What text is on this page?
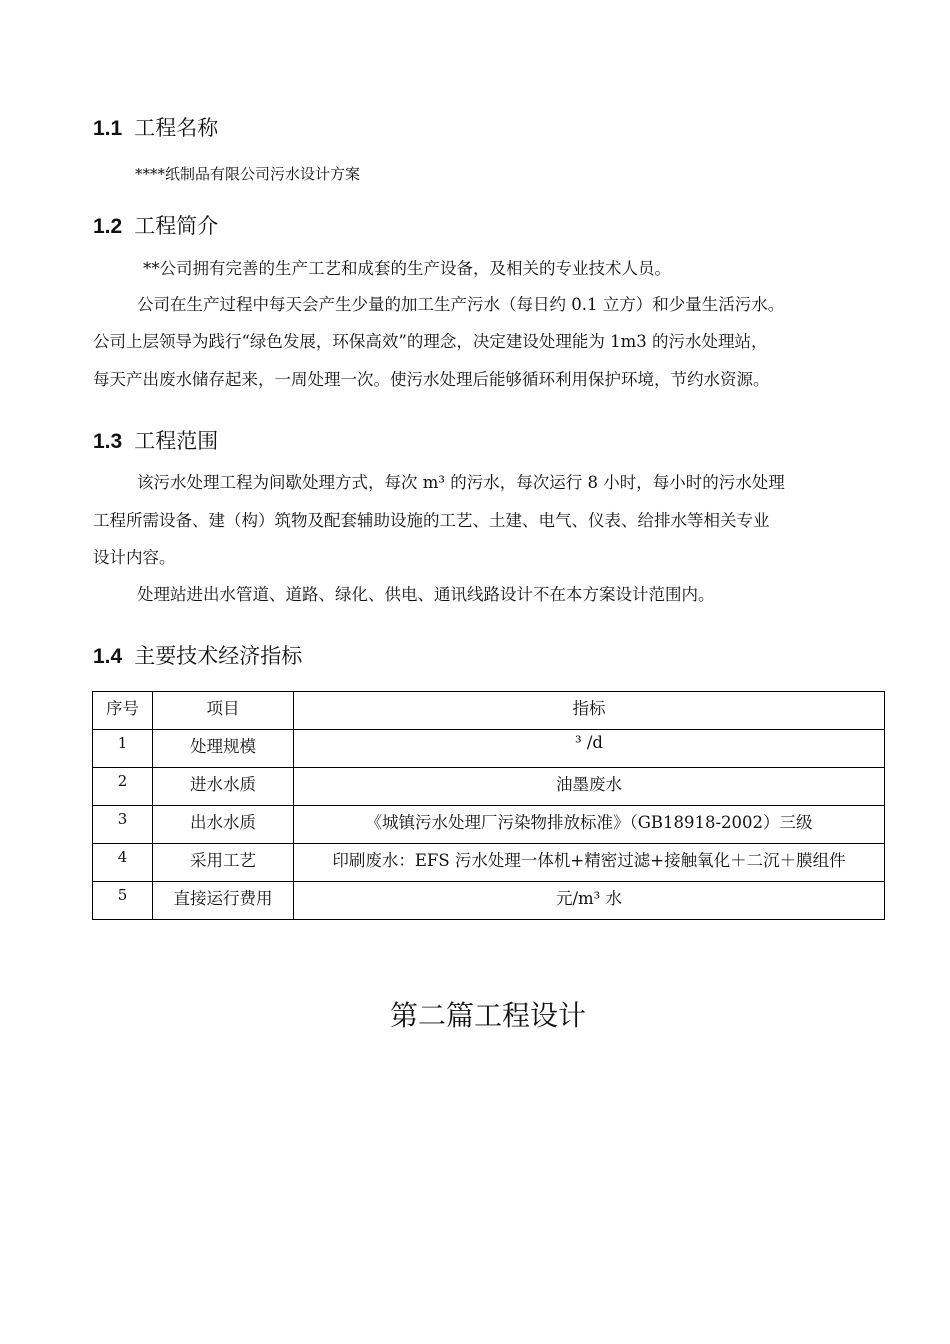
1.1 工程名称
****纸制品有限公司污水设计方案
1.2 工程简介
**公司拥有完善的生产工艺和成套的生产设备，及相关的专业技术人员。
公司在生产过程中每天会产生少量的加工生产污水（每日约 0.1 立方）和少量生活污水。
公司上层领导为践行“绿色发展，环保高效”的理念，决定建设处理能为 1m3 的污水处理站，
每天产出废水储存起来，一周处理一次。使污水处理后能够循环利用保护环境，节约水资源。
1.3 工程范围
该污水处理工程为间歇处理方式，每次 m³ 的污水，每次运行 8 小时，每小时的污水处理
工程所需设备、建（构）筑物及配套辅助设施的工艺、土建、电气、仪表、给排水等相关专业
设计内容。
处理站进出水管道、道路、绿化、供电、通讯线路设计不在本方案设计范围内。
1.4 主要技术经济指标
序号	项目	指标

1	处理规模	³ /d

2	进水水质	油墨废水

3	出水水质	《城镇污水处理厂污染物排放标准》（GB18918-2002）三级

4	采用工艺	印刷废水：EFS 污水处理一体机+精密过滤+接触氧化＋二沉＋膜组件

5	直接运行费用	元/m³ 水
第二篇工程设计
